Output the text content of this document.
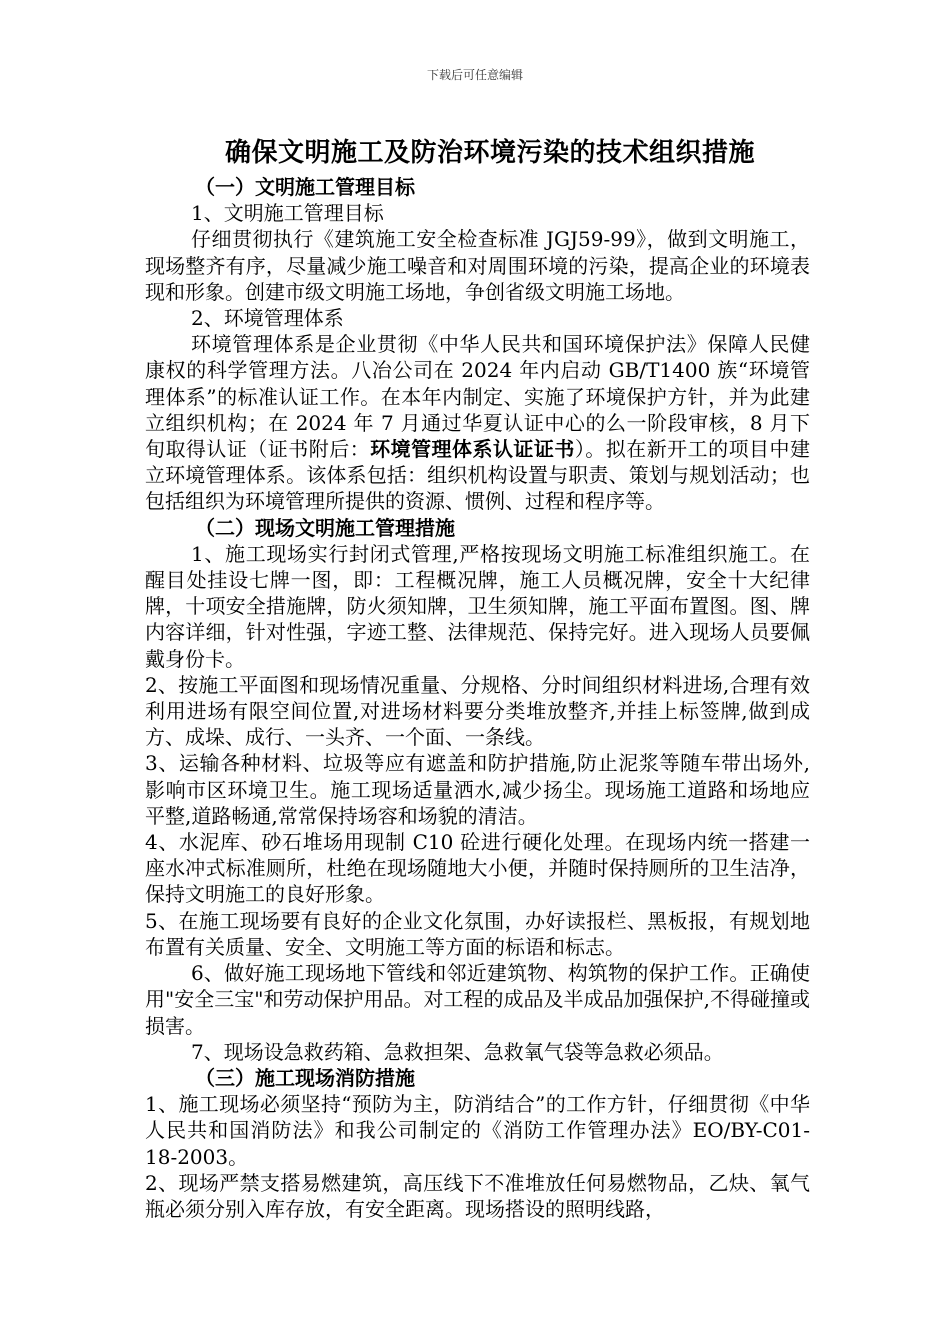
下载后可任意编辑
确保文明施工及防治环境污染的技术组织措施

（一）文明施工管理目标

1、文明施工管理目标

仔细贯彻执行《建筑施工安全检查标准 JGJ59-99》，做到文明施工，现场整齐有序，尽量减少施工噪音和对周围环境的污染，提高企业的环境表现和形象。创建市级文明施工场地，争创省级文明施工场地。

2、环境管理体系

环境管理体系是企业贯彻《中华人民共和国环境保护法》保障人民健康权的科学管理方法。八冶公司在 2024 年内启动 GB/T1400 族“环境管理体系”的标准认证工作。在本年内制定、实施了环境保护方针，并为此建立组织机构；在 2024 年 7 月通过华夏认证中心的么一阶段审核，8 月下旬取得认证（证书附后：环境管理体系认证证书）。拟在新开工的项目中建立环境管理体系。该体系包括：组织机构设置与职责、策划与规划活动；也包括组织为环境管理所提供的资源、惯例、过程和程序等。

（二）现场文明施工管理措施

1、施工现场实行封闭式管理,严格按现场文明施工标准组织施工。在醒目处挂设七牌一图，即：工程概况牌，施工人员概况牌，安全十大纪律牌，十项安全措施牌，防火须知牌，卫生须知牌，施工平面布置图。图、牌内容详细，针对性强，字迹工整、法律规范、保持完好。进入现场人员要佩戴身份卡。

2、按施工平面图和现场情况重量、分规格、分时间组织材料进场,合理有效利用进场有限空间位置,对进场材料要分类堆放整齐,并挂上标签牌,做到成方、成垛、成行、一头齐、一个面、一条线。

3、运输各种材料、垃圾等应有遮盖和防护措施,防止泥浆等随车带出场外,影响市区环境卫生。施工现场适量洒水,减少扬尘。现场施工道路和场地应平整,道路畅通,常常保持场容和场貌的清洁。

4、水泥库、砂石堆场用现制 C10 砼进行硬化处理。在现场内统一搭建一座水冲式标准厕所，杜绝在现场随地大小便，并随时保持厕所的卫生洁净，保持文明施工的良好形象。

5、在施工现场要有良好的企业文化氛围，办好读报栏、黑板报，有规划地布置有关质量、安全、文明施工等方面的标语和标志。

6、做好施工现场地下管线和邻近建筑物、构筑物的保护工作。正确使用"安全三宝"和劳动保护用品。对工程的成品及半成品加强保护,不得碰撞或损害。

7、现场设急救药箱、急救担架、急救氧气袋等急救必须品。

（三）施工现场消防措施

1、施工现场必须坚持“预防为主，防消结合”的工作方针，仔细贯彻《中华人民共和国消防法》和我公司制定的《消防工作管理办法》EO/BY-C01-18-2003。

2、现场严禁支搭易燃建筑，高压线下不准堆放任何易燃物品，乙炔、氧气瓶必须分别入库存放，有安全距离。现场搭设的照明线路，
